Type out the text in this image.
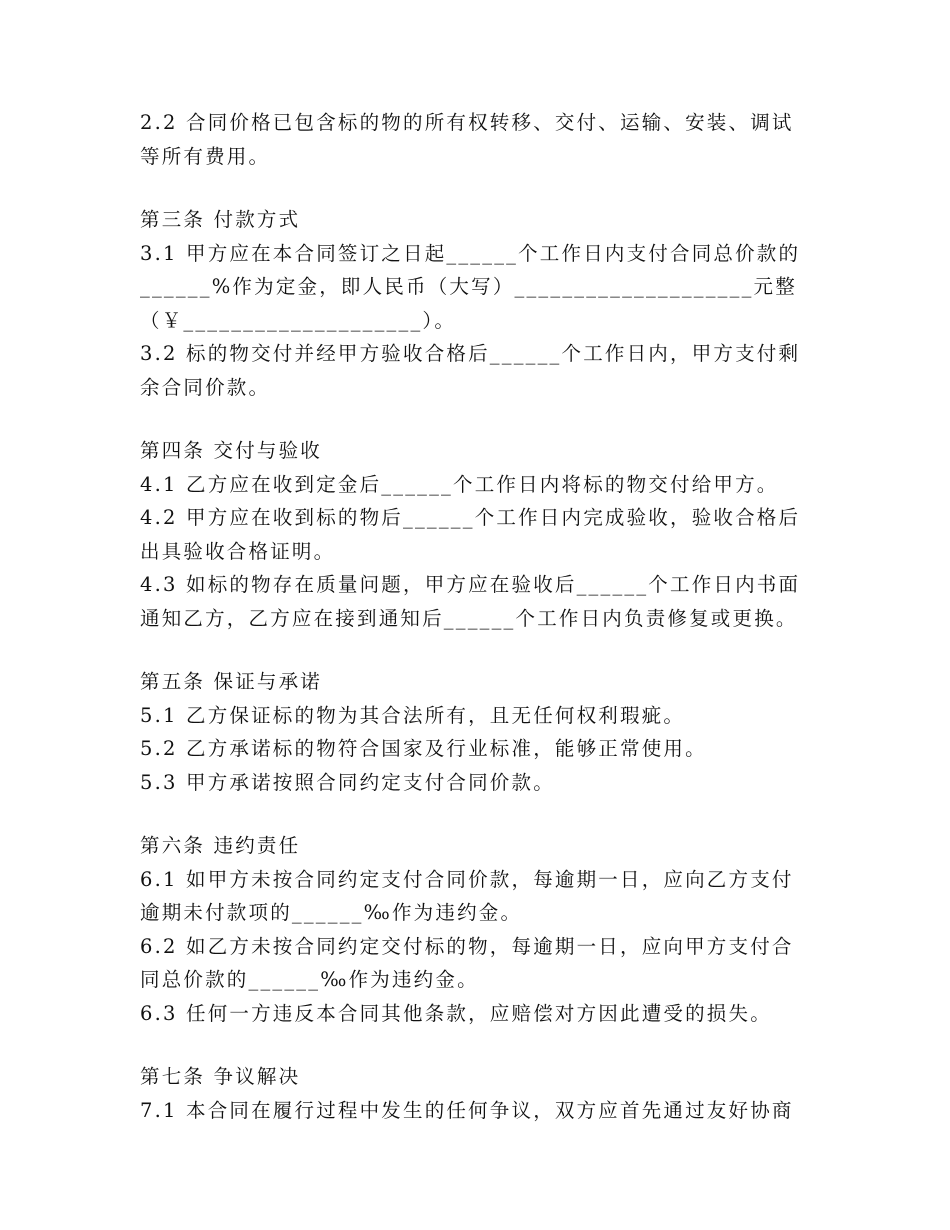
2.2 合同价格已包含标的物的所有权转移、交付、运输、安装、调试
等所有费用。
第三条 付款方式
3.1 甲方应在本合同签订之日起______个工作日内支付合同总价款的
______%作为定金，即人民币（大写）____________________元整
（￥____________________）。
3.2 标的物交付并经甲方验收合格后______个工作日内，甲方支付剩
余合同价款。
第四条 交付与验收
4.1 乙方应在收到定金后______个工作日内将标的物交付给甲方。
4.2 甲方应在收到标的物后______个工作日内完成验收，验收合格后
出具验收合格证明。
4.3 如标的物存在质量问题，甲方应在验收后______个工作日内书面
通知乙方，乙方应在接到通知后______个工作日内负责修复或更换。
第五条 保证与承诺
5.1 乙方保证标的物为其合法所有，且无任何权利瑕疵。
5.2 乙方承诺标的物符合国家及行业标准，能够正常使用。
5.3 甲方承诺按照合同约定支付合同价款。
第六条 违约责任
6.1 如甲方未按合同约定支付合同价款，每逾期一日，应向乙方支付
逾期未付款项的______‰作为违约金。
6.2 如乙方未按合同约定交付标的物，每逾期一日，应向甲方支付合
同总价款的______‰作为违约金。
6.3 任何一方违反本合同其他条款，应赔偿对方因此遭受的损失。
第七条 争议解决
7.1 本合同在履行过程中发生的任何争议，双方应首先通过友好协商
